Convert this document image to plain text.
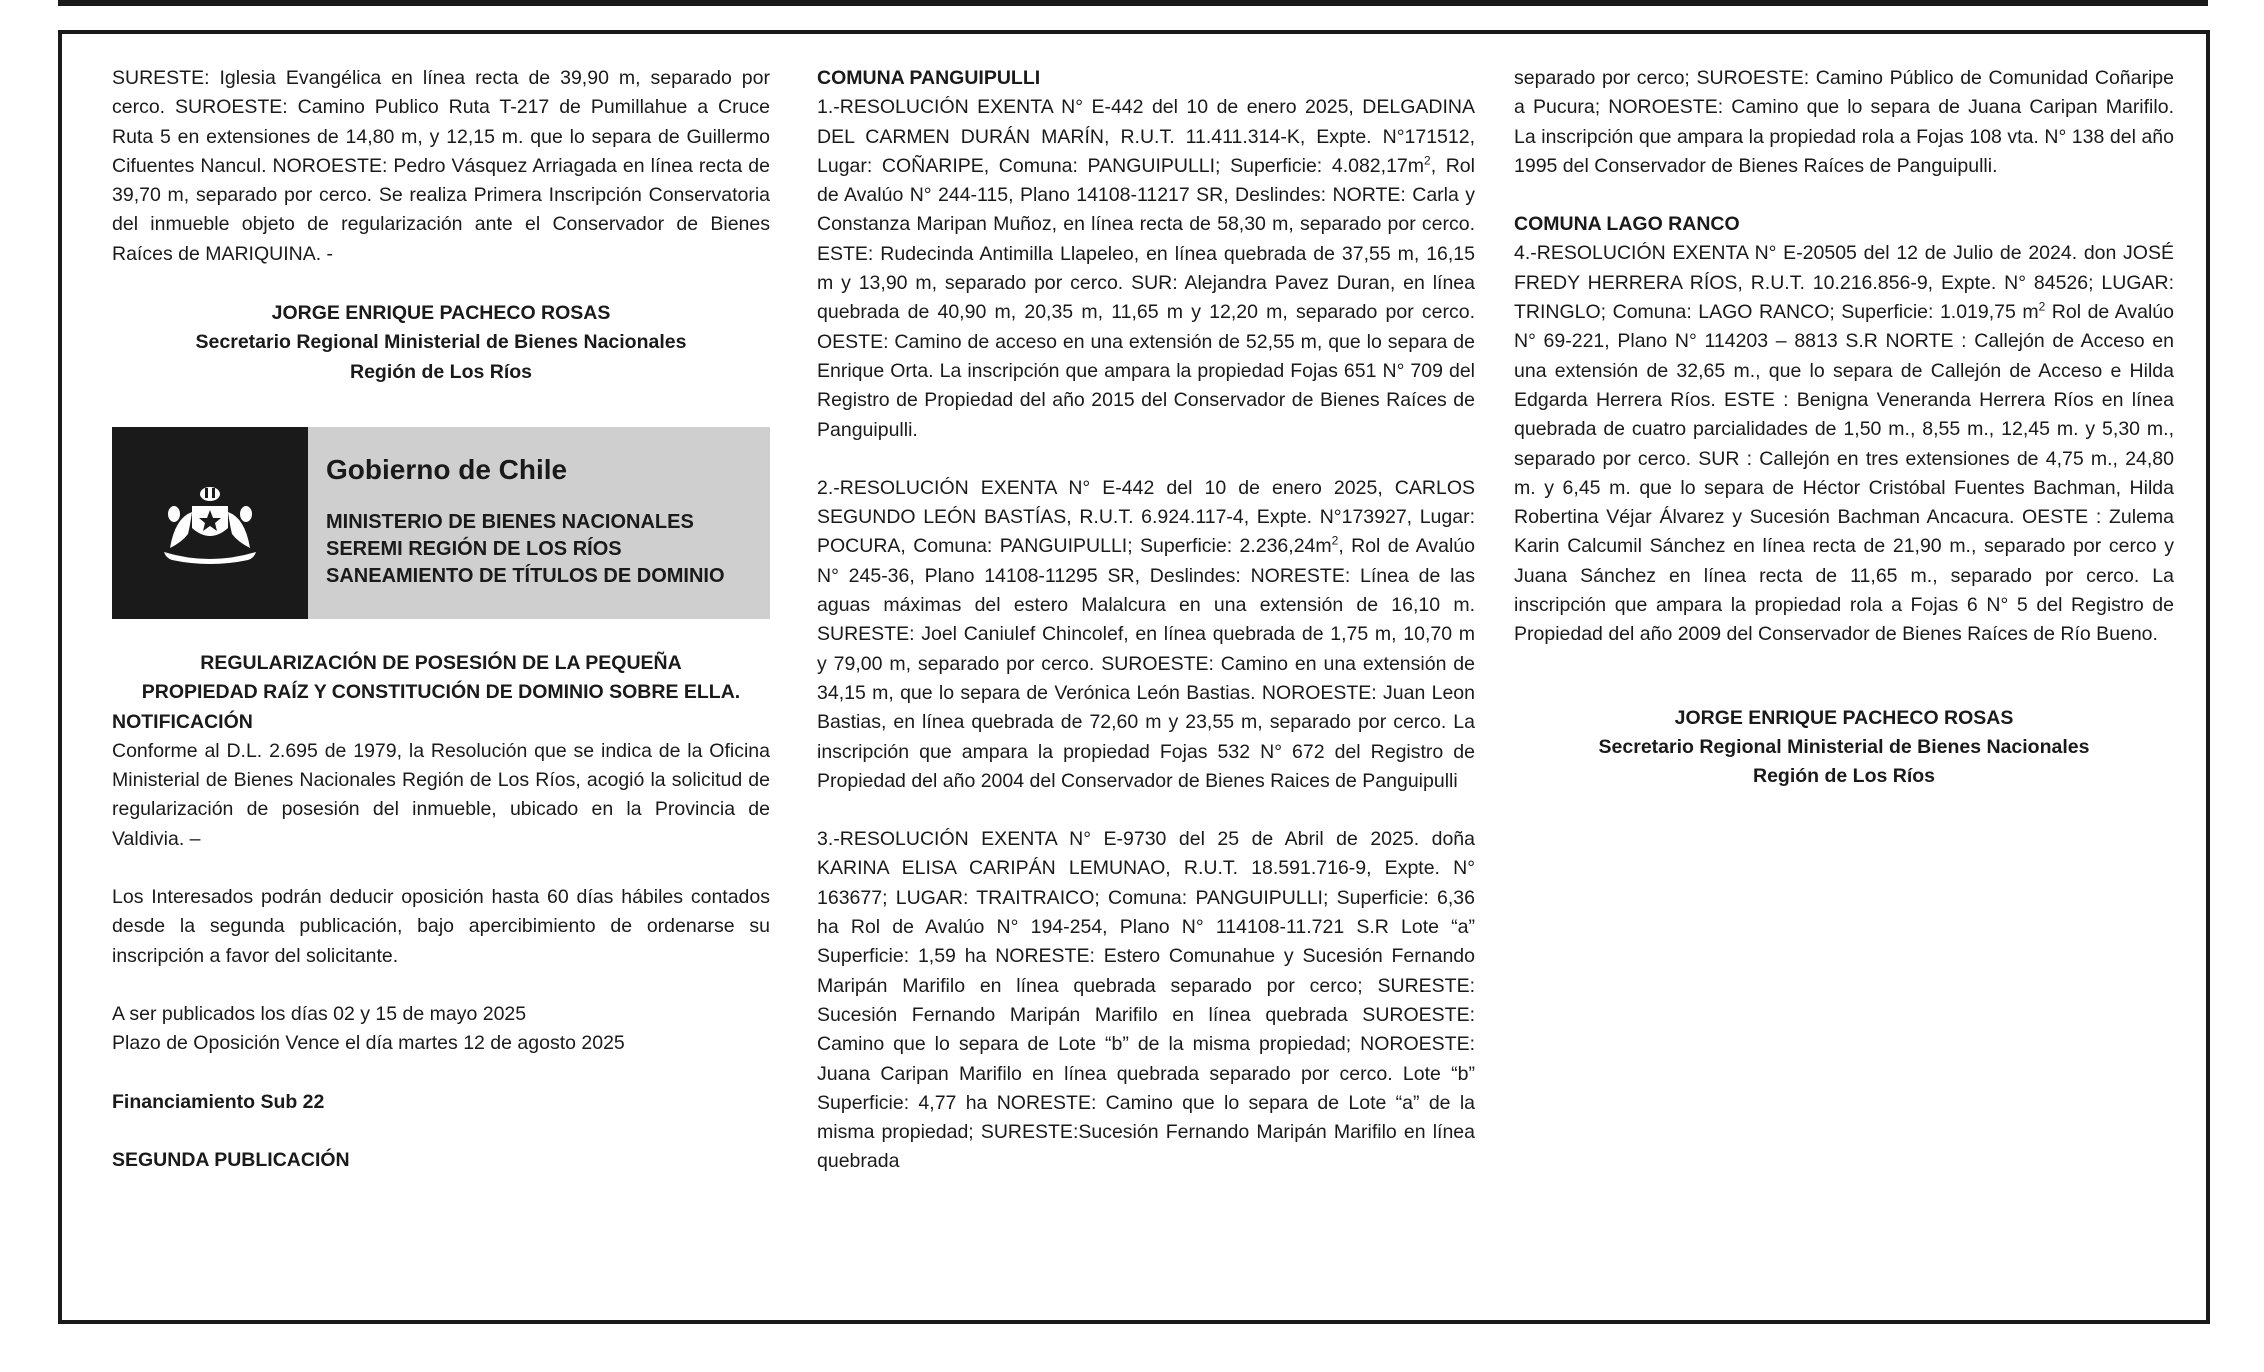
SURESTE: Iglesia Evangélica en línea recta de 39,90 m, separado por cerco. SUROESTE: Camino Publico Ruta T-217 de Pumillahue a Cruce Ruta 5 en extensiones de 14,80 m, y 12,15 m. que lo separa de Guillermo Cifuentes Nancul. NOROESTE: Pedro Vásquez Arriagada en línea recta de 39,70 m, separado por cerco. Se realiza Primera Inscripción Conservatoria del inmueble objeto de regularización ante el Conservador de Bienes Raíces de MARIQUINA. -

JORGE ENRIQUE PACHECO ROSAS
Secretario Regional Ministerial de Bienes Nacionales
Región de Los Ríos
Gobierno de Chile
MINISTERIO DE BIENES NACIONALES
SEREMI REGIÓN DE LOS RÍOS
SANEAMIENTO DE TÍTULOS DE DOMINIO
REGULARIZACIÓN DE POSESIÓN DE LA PEQUEÑA
PROPIEDAD RAÍZ Y CONSTITUCIÓN DE DOMINIO SOBRE ELLA.

NOTIFICACIÓN

Conforme al D.L. 2.695 de 1979, la Resolución que se indica de la Oficina Ministerial de Bienes Nacionales Región de Los Ríos, acogió la solicitud de regularización de posesión del inmueble, ubicado en la Provincia de Valdivia. –

Los Interesados podrán deducir oposición hasta 60 días hábiles contados desde la segunda publicación, bajo apercibimiento de ordenarse su inscripción a favor del solicitante.

A ser publicados los días 02 y 15 de mayo 2025

Plazo de Oposición Vence el día martes 12 de agosto 2025

Financiamiento Sub 22

SEGUNDA PUBLICACIÓN

COMUNA PANGUIPULLI

1.-RESOLUCIÓN EXENTA N° E-442 del 10 de enero 2025, DELGADINA DEL CARMEN DURÁN MARÍN, R.U.T. 11.411.314-K, Expte. N°171512, Lugar: COÑARIPE, Comuna: PANGUIPULLI; Superficie: $4.082,17m^2$, Rol de Avalúo N° 244-115, Plano 14108-11217 SR, Deslindes: NORTE: Carla y Constanza Maripan Muñoz, en línea recta de 58,30 m, separado por cerco. ESTE: Rudecinda Antimilla Llapeleo, en línea quebrada de 37,55 m, 16,15 m y 13,90 m, separado por cerco. SUR: Alejandra Pavez Duran, en línea quebrada de 40,90 m, 20,35 m, 11,65 m y 12,20 m, separado por cerco. OESTE: Camino de acceso en una extensión de 52,55 m, que lo separa de Enrique Orta. La inscripción que ampara la propiedad Fojas 651 N° 709 del Registro de Propiedad del año 2015 del Conservador de Bienes Raíces de Panguipulli.

2.-RESOLUCIÓN EXENTA N° E-442 del 10 de enero 2025, CARLOS SEGUNDO LEÓN BASTÍAS, R.U.T. 6.924.117-4, Expte. N°173927, Lugar: POCURA, Comuna: PANGUIPULLI; Superficie: $2.236,24m^2$, Rol de Avalúo N° 245-36, Plano 14108-11295 SR, Deslindes: NORESTE: Línea de las aguas máximas del estero Malalcura en una extensión de 16,10 m. SURESTE: Joel Caniulef Chincolef, en línea quebrada de 1,75 m, 10,70 m y 79,00 m, separado por cerco. SUROESTE: Camino en una extensión de 34,15 m, que lo separa de Verónica León Bastias. NOROESTE: Juan Leon Bastias, en línea quebrada de 72,60 m y 23,55 m, separado por cerco. La inscripción que ampara la propiedad Fojas 532 N° 672 del Registro de Propiedad del año 2004 del Conservador de Bienes Raices de Panguipulli

3.-RESOLUCIÓN EXENTA N° E-9730 del 25 de Abril de 2025. doña KARINA ELISA CARIPÁN LEMUNAO, R.U.T. 18.591.716-9, Expte. N° 163677; LUGAR: TRAITRAICO; Comuna: PANGUIPULLI; Superficie: 6,36 ha Rol de Avalúo N° 194-254, Plano N° 114108-11.721 S.R Lote “a” Superficie: 1,59 ha NORESTE: Estero Comunahue y Sucesión Fernando Maripán Marifilo en línea quebrada separado por cerco; SURESTE: Sucesión Fernando Maripán Marifilo en línea quebrada SUROESTE: Camino que lo separa de Lote “b” de la misma propiedad; NOROESTE: Juana Caripan Marifilo en línea quebrada separado por cerco. Lote “b” Superficie: 4,77 ha NORESTE: Camino que lo separa de Lote “a” de la misma propiedad; SURESTE:Sucesión Fernando Maripán Marifilo en línea quebrada

separado por cerco; SUROESTE: Camino Público de Comunidad Coñaripe a Pucura; NOROESTE: Camino que lo separa de Juana Caripan Marifilo. La inscripción que ampara la propiedad rola a Fojas 108 vta. N° 138 del año 1995 del Conservador de Bienes Raíces de Panguipulli.

COMUNA LAGO RANCO

4.-RESOLUCIÓN EXENTA N° E-20505 del 12 de Julio de 2024. don JOSÉ FREDY HERRERA RÍOS, R.U.T. 10.216.856-9, Expte. N° 84526; LUGAR: TRINGLO; Comuna: LAGO RANCO; Superficie: 1.019,75 $m^2$ Rol de Avalúo N° 69-221, Plano N° 114203 – 8813 S.R NORTE : Callejón de Acceso en una extensión de 32,65 m., que lo separa de Callejón de Acceso e Hilda Edgarda Herrera Ríos. ESTE : Benigna Veneranda Herrera Ríos en línea quebrada de cuatro parcialidades de 1,50 m., 8,55 m., 12,45 m. y 5,30 m., separado por cerco. SUR : Callejón en tres extensiones de 4,75 m., 24,80 m. y 6,45 m. que lo separa de Héctor Cristóbal Fuentes Bachman, Hilda Robertina Véjar Álvarez y Sucesión Bachman Ancacura. OESTE : Zulema Karin Calcumil Sánchez en línea recta de 21,90 m., separado por cerco y Juana Sánchez en línea recta de 11,65 m., separado por cerco. La inscripción que ampara la propiedad rola a Fojas 6 N° 5 del Registro de Propiedad del año 2009 del Conservador de Bienes Raíces de Río Bueno.

JORGE ENRIQUE PACHECO ROSAS
Secretario Regional Ministerial de Bienes Nacionales
Región de Los Ríos
